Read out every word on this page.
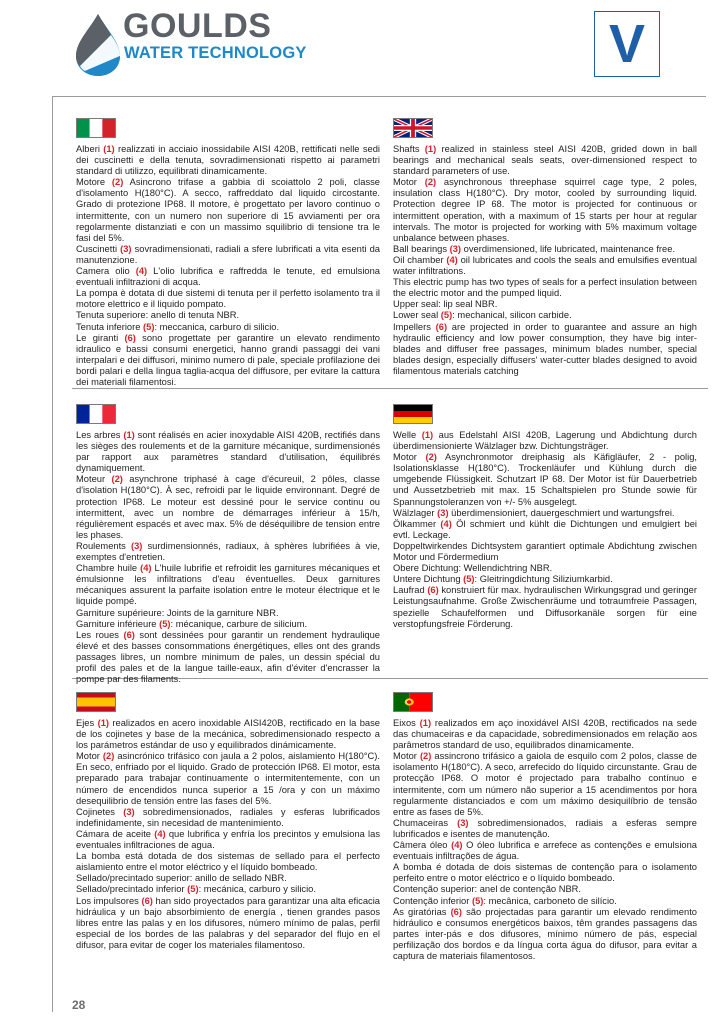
GOULDS
WATER TECHNOLOGY	V
Alberi (1) realizzati in acciaio inossidabile AISI 420B, rettificati nelle sedi dei cuscinetti e della tenuta, sovradimensionati rispetto ai parametri standard di utilizzo, equilibrati dinamicamente.
Motore (2) Asincrono trifase a gabbia di scoiattolo 2 poli, classe d'isolamento H(180°C). A secco, raffreddato dal liquido circostante. Grado di protezione IP68. Il motore, è progettato per lavoro continuo o intermittente, con un numero non superiore di 15 avviamenti per ora regolarmente distanziati e con un massimo squilibrio di tensione tra le fasi del 5%.
Cuscinetti (3) sovradimensionati, radiali a sfere lubrificati a vita esenti da manutenzione.
Camera olio (4) L'olio lubrifica e raffredda le tenute, ed emulsiona eventuali infiltrazioni di acqua.
La pompa è dotata di due sistemi di tenuta per il perfetto isolamento tra il motore elettrico e il liquido pompato.
Tenuta superiore: anello di tenuta NBR.
Tenuta inferiore (5): meccanica, carburo di silicio.
Le giranti (6) sono progettate per garantire un elevato rendimento idraulico e bassi consumi energetici, hanno grandi passaggi dei vani interpalari e dei diffusori, minimo numero di pale, speciale profilazione dei bordi palari e della lingua taglia-acqua del diffusore, per evitare la cattura dei materiali filamentosi.
Shafts (1) realized in stainless steel AISI 420B, grided down in ball bearings and mechanical seals seats, over-dimensioned respect to standard parameters of use.
Motor (2) asynchronous threephase squirrel cage type, 2 poles, insulation class H(180°C). Dry motor, cooled by surrounding liquid. Protection degree IP 68. The motor is projected for continuous or intermittent operation, with a maximum of 15 starts per hour at regular intervals. The motor is projected for working with 5% maximum voltage unbalance between phases.
Ball bearings (3) overdimensioned, life lubricated, maintenance free.
Oil chamber (4) oil lubricates and cools the seals and emulsifies eventual water infiltrations.
This electric pump has two types of seals for a perfect insulation between the electric motor and the pumped liquid.
Upper seal: lip seal NBR.
Lower seal (5): mechanical, silicon carbide.
Impellers (6) are projected in order to guarantee and assure an high hydraulic efficiency and low power consumption, they have big inter-blades and diffuser free passages, minimum blades number, special blades design, especially diffusers' water-cutter blades designed to avoid filamentous materials catching
Les arbres (1) sont réalisés en acier inoxydable AISI 420B, rectifiés dans les sièges des roulements et de la garniture mécanique, surdimensionés par rapport aux paramètres standard d'utilisation, équilibrés dynamiquement.
Moteur (2) asynchrone triphasé à cage d'écureuil, 2 pôles, classe d'isolation H(180°C). À sec, refroidi par le liquide environnant. Degré de protection IP68. Le moteur est dessiné pour le service continu ou intermittent, avec un nombre de démarrages inférieur à 15/h, régulièrement espacés et avec max. 5% de déséquilibre de tension entre les phases.
Roulements (3) surdimensionnés, radiaux, à sphères lubrifiées à vie, exemptes d'entretien.
Chambre huile (4) L'huile lubrifie et refroidit les garnitures mécaniques et émulsionne les infiltrations d'eau éventuelles. Deux garnitures mécaniques assurent la parfaite isolation entre le moteur électrique et le liquide pompé.
Garniture supérieure: Joints de la garniture NBR.
Garniture inférieure (5): mécanique, carbure de silicium.
Les roues (6) sont dessinées pour garantir un rendement hydraulique élevé et des basses consommations énergétiques, elles ont des grands passages libres, un nombre minimum de pales, un dessin spécial du profil des pales et de la langue taille-eaux, afin d'éviter d'encrasser la pompe par des filaments.
Welle (1) aus Edelstahl AISI 420B, Lagerung und Abdichtung durch überdimensionierte Wälzlager bzw. Dichtungsträger.
Motor (2) Asynchronmotor dreiphasig als Käfigläufer, 2 - polig, Isolationsklasse H(180°C). Trockenläufer und Kühlung durch die umgebende Flüssigkeit. Schutzart IP 68. Der Motor ist für Dauerbetrieb und Aussetzbetrieb mit max. 15 Schaltspielen pro Stunde sowie für Spannungstoleranzen von +/- 5% ausgelegt.
Wälzlager (3) überdimensioniert, dauergeschmiert und wartungsfrei.
Ölkammer (4) Öl schmiert und kühlt die Dichtungen und emulgiert bei evtl. Leckage.
Doppeltwirkendes Dichtsystem garantiert optimale Abdichtung zwischen Motor und Fördermedium
Obere Dichtung: Wellendichtring NBR.
Untere Dichtung (5): Gleitringdichtung Siliziumkarbid.
Laufrad (6) konstruiert für max. hydraulischen Wirkungsgrad und geringer Leistungsaufnahme. Große Zwischenräume und totraumfreie Passagen, spezielle Schaufelformen und Diffusorkanäle sorgen für eine verstopfungsfreie Förderung.
Ejes (1) realizados en acero inoxidable AISI420B, rectificado en la base de los cojinetes y base de la mecánica, sobredimensionado respecto a los parámetros estándar de uso y equilibrados dinámicamente.
Motor (2) asincrónico trifásico con jaula a 2 polos, aislamiento H(180°C). En seco, enfriado por el liquido. Grado de protección IP68. El motor, esta preparado para trabajar continuamente o intermitentemente, con un número de encendidos nunca superior a 15 /ora y con un máximo desequilibrio de tensión entre las fases del 5%.
Cojinetes (3) sobredimensionados, radiales y esferas lubrificados indefinidamente, sin necesidad de mantenimiento.
Cámara de aceite (4) que lubrifica y enfría los precintos y emulsiona las eventuales infiltraciones de agua.
La bomba está dotada de dos sistemas de sellado para el perfecto aislamiento entre el motor eléctrico y el líquido bombeado.
Sellado/precintado superior: anillo de sellado NBR.
Sellado/precintado inferior (5): mecánica, carburo y silicio.
Los impulsores (6) han sido proyectados para garantizar una alta eficacia hidráulica y un bajo absorbimiento de energía , tienen grandes pasos libres entre las palas y en los difusores, número mínimo de palas, perfil especial de los bordes de las palabras y del separador del flujo en el difusor, para evitar de coger los materiales filamentoso.
Eixos (1) realizados em aço inoxidável AISI 420B, rectificados na sede das chumaceiras e da capacidade, sobredimensionados em relação aos parâmetros standard de uso, equilibrados dinamicamente.
Motor (2) assincrono trifásico a gaiola de esquilo com 2 polos, classe de isolamento H(180°C). A seco, arrefecido do líquido circunstante. Grau de protecção IP68. O motor é projectado para trabalho contínuo e intermitente, com um número não superior a 15 acendimentos por hora regularmente distanciados e com um máximo desiquilíbrio de tensão entre as fases de 5%.
Chumaceiras (3) sobredimensionados, radiais a esferas sempre lubrificados e isentes de manutenção.
Câmera óleo (4) O óleo lubrifica e arrefece as contenções e emulsiona eventuais infiltrações de água.
A bomba é dotada de dois sistemas de contenção para o isolamento perfeito entre o motor eléctrico e o líquido bombeado.
Contenção superior: anel de contenção NBR.
Contenção inferior (5): mecânica, carboneto de silício.
As giratórias (6) são projectadas para garantir um elevado rendimento hidráulico e consumos energéticos baixos, têm grandes passagens das partes inter-pás e dos difusores, mínimo número de pás, especial perfilização dos bordos e da língua corta água do difusor, para evitar a captura de materiais filamentosos.
28
